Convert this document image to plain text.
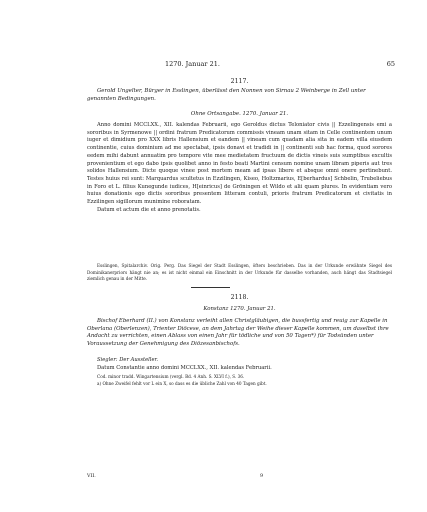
1270. Januar 21.	65
2117.
Gerold Ungelter, Bürger in Esslingen, überlässt den Nonnen von Sirnau 2 Weinberge in Zell unter genannten Bedingungen.
Ohne Ortsangabe. 1270. Januar 21.

Anno domini MCCLXX., XII. kalendas Februarii, ego Geroldus dictus Teloniator civis || Ezzelingensis emi a sororibus in Syrmenowe || ordini fratrum Predicatorum commissis vineam unam sitam in Celle continentem unum iuger et dimidium pro XXX libris Hallensium et eandem || vineam cum quadam alia sita in eadem villa eiusdem continentie, cuius dominium ad me spectabat, ipsis donavi et tradidi in || continenti sub hac forma, quod sorores eedem mihi dabunt annuatim pro tempore vite mee medietatem fructuum de dictis vineis suis sumptibus excultis provenientium et ego dabo ipsis quolibet anno in festo beati Martini censum nomine unam libram piperis aut tres solidos Hallensium. Dicte quoque vinee post mortem meam ad ipsas libere et absque omni onere pertinebunt. Testes huius rei sunt: Marquardus scultetus in Ezzilingen, Kiseo, Holtzmarius, E[berhardus] Schbelin, Trubeliebus in Foro et L. filius Kunegunde iudices, H[einricus] de Gröningen et Wildo et alii quam plures. In evidentiam vero huius donationis ego dictis sororibus presentem litteram contuli, prioris fratrum Predicatorum et civitatis in Ezzilingen sigillorum munimine roboratam.

Datum et actum die et anno prenotatis.

Esslingen, Spitalarchiv. Orig. Perg. Das Siegel der Stadt Esslingen, öfters beschrieben. Das in der Urkunde erwähnte Siegel des Dominikanerpriors hängt nie an; es ist nicht einmal ein Einschnitt in der Urkunde für dasselbe vorhanden, auch hängt das Stadtsiegel ziemlich genau in der Mitte.

2118.
Konstanz 1270. Januar 21.
Bischof Eberhard (II.) von Konstanz verleiht allen Christgläubigen, die bussfertig und reuig zur Kapelle in Oberlana (Oberlenzen), Trienter Diöcese, an dem Jahrtag der Weihe dieser Kapelle kommen, um daselbst ihre Andacht zu verrichten, einen Ablass von einen Jahr für tödliche und von 50 Tagen*) für Todsünden unter Voraussetzung der Genehmigung des Diözesanbischofs.

Siegler: Der Aussteller.

Datum Constantie anno domini MCCLXX., XII. kalendas Februarii.

Cod. minor tradd. Wingartensium (vergl. Bd. 4 Anh. S. XLVI f.), S. 36.

a) Ohne Zweifel fehlt vor L ein X, so dass es die übliche Zahl von 40 Tagen gibt.

VII.	9
